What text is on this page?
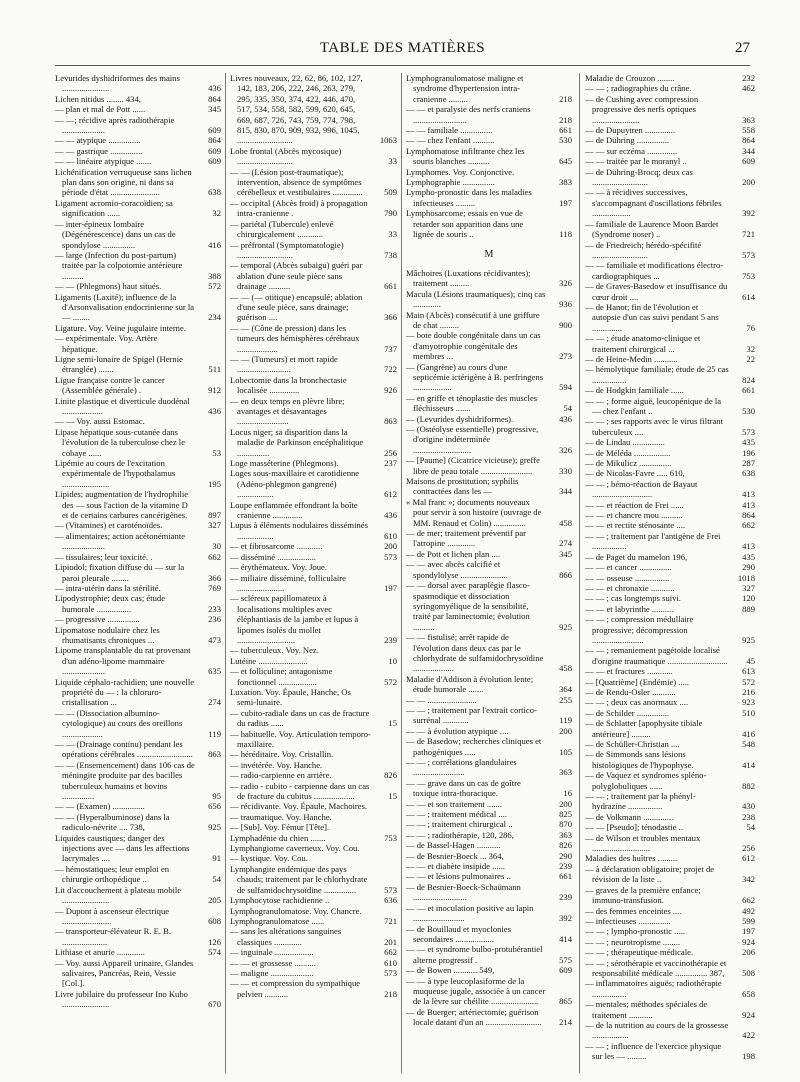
TABLE DES MATIÈRES	27
Levurides dyshidriformes des mains ......................	436
Lichen nitidus ........ 434,	864
— plan et mal de Pott ......	345
— —; récidive après radiothérapie ....................	609
— — atypique ...............	864
— — gastrique ...............	609
— — linéaire atypique .......	609
Lichénification verruqueuse sans lichen plan dans son origine, ni dans sa période d'état .......................	638
Ligament acromio-coracoïdien; sa signification ......	32
— inter-épineux lombaire (Dégénérescence) dans un cas de spondylose ...............	416
— large (Infection du post-partum) traitée par la colpotomie antérieure ..........	388
— — (Phlegmons) haut situés.	572
Ligaments (Laxité); influence de la d'Arsonvalisation endocrinienne sur la — ........	234
Ligature. Voy. Veine jugulaire interne.
— expérimentale. Voy. Artère hépatique.
Ligne semi-lunaire de Spigel (Hernie étranglée) .......	511
Ligue française contre le cancer (Assemblée générale) .	912
Linite plastique et diverticule duodénal ...................	436
— — Voy. aussi Estomac.
Lipase hépatique sous-cutanée dans l'évolution de la tuberculose chez le cobaye ......	53
Lipémie au cours de l'excitation expérimentale de l'hypothalamus ......................	195
Lipides; augmentation de l'hydrophilie des — sous l'action de la vitamine D et de certains carbures cancérigènes.	897
— (Vitamines) et caroténoïdes.	327
— alimentaires; action acétonémiante ....................	30
— tissulaires; leur toxicité. .	662
Lipiodol; fixation diffuse du — sur la paroi pleurale ........	366
— intra-utérin dans la stérilité.	769
Lipodystrophie; deux cas; étude humorale ................	233
— progressive ...............	236
Lipomatose nodulaire chez les rhumatisants chroniques ...	473
Lipome transplantable du rat provenant d'un adéno-lipome mammaire ....................	635
Liquide céphalo-rachidien; une nouvelle propriété du — : la chloruro-cristallisation ...	274
— — (Dissociation albumino-cytologique) au cours des oreillons ...................	119
— — (Drainage continu) pendant les opérations cérébrales .......................... 863
— — (Ensemencement) dans 106 cas de méningite produite par des bacilles tuberculeux humains et bovins ...............	95
— — (Examen) ...............	656
— — (Hyperalbuminose) dans la radiculo-névrite .... 738,	925
Liquides caustiques; danger des injections avec — dans les affections lacrymales ....	91
— hémostatiques; leur emploi en chirurgie orthopédique ..	54
Lit d'accouchement à plateau mobile ......................	205
— Dupont à ascenseur électrique .......................	608
— transporteur-élévateur R. E. B. .....................	126
Lithiase et anurie .............	574
— Voy. aussi Appareil urinaire, Glandes salivaires, Pancréas, Rein, Vessie [Col.].
Livre jubilaire du professeur Ino Kubo ......................	670
Livres nouveaux, 22, 62, 86, 102, 127, 142, 183, 206, 222, 246, 263, 279, 295, 335, 350, 374, 422, 446, 470, 517, 534, 558, 582, 599, 620, 645, 669, 687, 726, 743, 759, 774, 798, 815, 830, 870, 909, 932, 996, 1045, ..........................	1063
Lobe frontal (Abcès mycosique) ..........................	33
— — (Lésion post-traumatique); intervention, absence de symptômes cérébelleux et vestibulaires ..............	509
— occipital (Abcès froid) à propagation intra-cranienne .	790
— pariétal (Tubercule) enlevé chirurgicalement ............	33
— préfrontal (Symptomatologie) ..........................	738
— temporal (Abcès subaigu) guéri par ablation d'une seule pièce sans drainage ..........	661
— — (— otitique) encapsulé; ablation d'une seule pièce, sans drainage; guérison ....	366
— — (Cône de pression) dans les tumeurs des hémisphères cérébraux ...................	737
— — (Tumeurs) et mort rapide .........................	722
Lobectomie dans la bronchectasie localisée ..............	926
— en deux temps en plèvre libre; avantages et désavantages ........................	863
Locus niger; sa disparition dans la maladie de Parkinson encéphalitique ...............	256
Loge masséterine (Phlegmons).	237
Loges sous-maxillaire et carotidienne (Adéno-phlegmon gangrené) .................	612
Loupe enflammée effondrant la boîte cranienne ..............	436
Lupus à éléments nodulaires disséminés .................	610
— et fibrosarcome ............	200
— disséminé ..................	573
— érythémateux. Voy. Joue.
— miliaire disséminé, folliculaire ......................	197
— scléreux papillomateux à localisations multiples avec éléphantiasis de la jambe et lupus à lipomes isolés du mollet ...........................	239
— tuberculeux. Voy. Nez.
Lutéine .......................	10
— et folliculine; antagonisme fonctionnel ..................	572
Luxation. Voy. Épaule, Hanche, Os semi-lunaire.
— cubito-radiale dans un cas de fracture du radius ......	15
— habituelle. Voy. Articulation temporo-maxillaire.
— héréditaire. Voy. Cristallin.
— invétérée. Voy. Hanche.
— radio-carpienne en arrière.	826
— radio - cubito - carpienne dans un cas de fracture du cubitus ...................	15
— récidivante. Voy. Épaule, Machoires.
— traumatique. Voy. Hanche.
— [Sub]. Voy. Fémur [Tête].
Lymphadénie du chien .......	753
Lymphangiome caverneux. Voy. Cou.
— kystique. Voy. Cou.
Lymphangite endémique des pays chauds; traitement par le chlorhydrate de sulfamidochrysoïdine ...............	573
Lymphocytose rachidienne ..	636
Lymphogranulomatose. Voy. Chancre.
Lymphogranulomatose ......	721
— sans les altérations sanguines classiques .............	201
— inguinale ..................	662
— — et grossesse ..........	610
— maligne ....................	573
— — et compression du sympathique pelvien ...........	218
Lymphogranulomatose maligne et syndrome d'hypertension intra-cranienne .........	218
— — et paralysie des nerfs craniens .........................	218
— — familiale ...............	661
— — chez l'enfant ..........	530
Lymphomatose infiltrante chez les souris blanches ..........	645
Lymphomes. Voy. Conjonctive.
Lymphographie ...............	383
Lympho-pronostic dans les maladies infectieuses .........	197
Lymphosarcome; essais en vue de retarder son apparition dans une lignée de souris ..	118
M
Mâchoires (Luxations récidivantes); traitement .........	326
Macula (Lésions traumatiques); cinq cas .............	936
Main (Abcès) consécutif à une griffure de chat .........	900
— bote double congénitale dans un cas d'amyotrophie congénitale des membres ...	273
— (Gangrène) au cours d'une septicémie ictérigène à B. perfringens ..................	594
— en griffe et ténoplastie des muscles fléchisseurs .......	54
— (Levurides dyshidriformes).	436
— (Ostéolyse essentielle) progressive, d'origine indéterminée ...........................	326
— [Paume] (Cicatrice vicieuse); greffe libre de peau totale ........................	330
Maisons de prostitution; syphilis contractées dans les —	344
« Mal franc »; documents nouveaux pour servir à son histoire (ouvrage de MM. Renaud et Colin) ...............	458
— de mer; traitement préventif par l'atropine .............	274
— de Pott et lichen plan ....	345
— — avec abcès calcifié et spondylolyse ......................	866
— — dorsal avec paraplégie flasco-spasmodique et dissociation syringomyélique de la sensibilité, traité par laminectomie; évolution ..........	925
— — fistulisé; arrêt rapide de l'évolution dans deux cas par le chlorhydrate de sulfamidochrysoïdine ...................	458
Maladie d'Addison à évolution lente; étude humorale .......	364
— — .......................	255
— — ; traitement par l'extrait cortico-surrénal ............	119
— — à évolution atypique ....	200
— de Basedow; recherches cliniques et pathogéniques .....	105
— — ; corrélations glandulaires ........................	363
— — grave dans un cas de goître toxique intra-thoracique.	16
— — et son traitement .......	200
— — ; traitement médical ....	825
— — ; traitement chirurgical ..	870
— — ; radiothérapie, 120, 286,	363
— de Bassel-Hagen ...........	826
— de Besnier-Boeck ... 364,	290
— — et diabète insipide ......	239
— — et lésions pulmonaires ..	661
— de Besnier-Boeck-Schaümann .........................	239
— — et inoculation positive au lapin ........................	392
— de Bouillaud et myoclonies secondaires ..................	414
— — et syndrome bulbo-protubérantiel alterne progressif .	575
— de Bowen ........... 549,	609
— — à type leucoplasiforme de la muqueuse jugale, associée à un cancer de la lèvre sur chéilite ......................	865
— de Buerger; artériectomie; guérison locale datant d'un an ..........................	214
Maladie de Crouzon ........	232
— — ; radiographies du crâne.	462
— de Cushing avec compression progressive des nerfs optiques ......................	363
— de Dupuytren ..............	558
— de Dühring ...............	864
— — sur eczéma ..............	344
— — traitée par le moranyl ..	609
— de Dühring-Brocq; deux cas ..........................	200
— — à récidives successives, s'accompagnant d'oscillations fébriles ..................	392
— familiale de Laurence Moon Bardet (Syndrome noser) ..	721
— de Friedreich; hérédo-spécifité ..........................	573
— — familiale et modifications électro-cardiographiques ...	753
— de Graves-Basedow et insuffisance du cœur droit ....	614
— de Hanot; fin de l'évolution et autopsie d'un cas suivi pendant 5 ans ..............	76
— — ; étude anatomo-clinique et traitement chirurgical ...	32
— de Heine-Medin ...........	22
— hémolytique familiale; étude de 25 cas ................	824
— de Hodgkin familiale ......	661
— — ; forme aiguë, leucopénique de la — chez l'enfant ..	530
— — ; ses rapports avec le virus filtrant tuberculeux ....	573
— de Lindau ...............	435
— de Méléda .................	196
— de Mikulicz ...............	287
— de Nicolas-Favre ..... 610,	638
— — ; bémo-réaction de Bayaut ............................	413
— — et réaction de Frei ......	413
— — et chancre mou ..........	864
— — et rectite sténosante ....	662
— — ; traitement par l'antigène de Frei ................	413
— de Paget du mamelon 196,	435
— — et cancer ...............	290
— — osseuse ................	1018
— — et chronaxie ...........	327
— — ; cas longtemps suivi.	120
— — et labyrinthe ..........	889
— — ; compression médullaire progressive; décompression ........................	925
— — ; remaniement pagétoïde localisé d'origine traumatique ............................ 45
— — et fractures ............	613
— [Quatrième] (Endémie) .....	572
— de Rendu-Osler ...........	216
— — ; deux cas anormaux ....	923
— de Schilder ...............	510
— de Schlatter [apophysite tibiale antérieure] .........	416
— de Schüller-Christian ....	548
— de Simmonds sans lésions histologiques de l'hypophyse.	414
— de Vaquez et syndromes spléno-polyglobuliques ......	882
— — ; traitement par la phényl-hydrazine ................	430
— de Volkmann ..............	238
— — [Pseudo]; ténodastie ..	54
— de Wilson et troubles mentaux ...........................	256
Maladies des huîtres .........	612
— à déclaration obligatoire; projet de révision de la liste ..	342
— graves de la première enfance; immuno-transfusion.	662
— des femmes enceintes ....	492
— infectieuses ...............	599
— — ; lympho-pronostic .....	197
— — ; neurotropisme ........	924
— — ; thérapeutique médicale.	206
— — ; sérothérapie et vaccinothérapie et responsabilité médicale ............... 387,	508
— inflammatoires aiguës; radiothérapie ................	658
— mentales; méthodes spéciales de traitement ...........	924
— de la nutrition au cours de la grossesse .................	422
— — ; influence de l'exercice physique sur les — .........	198
